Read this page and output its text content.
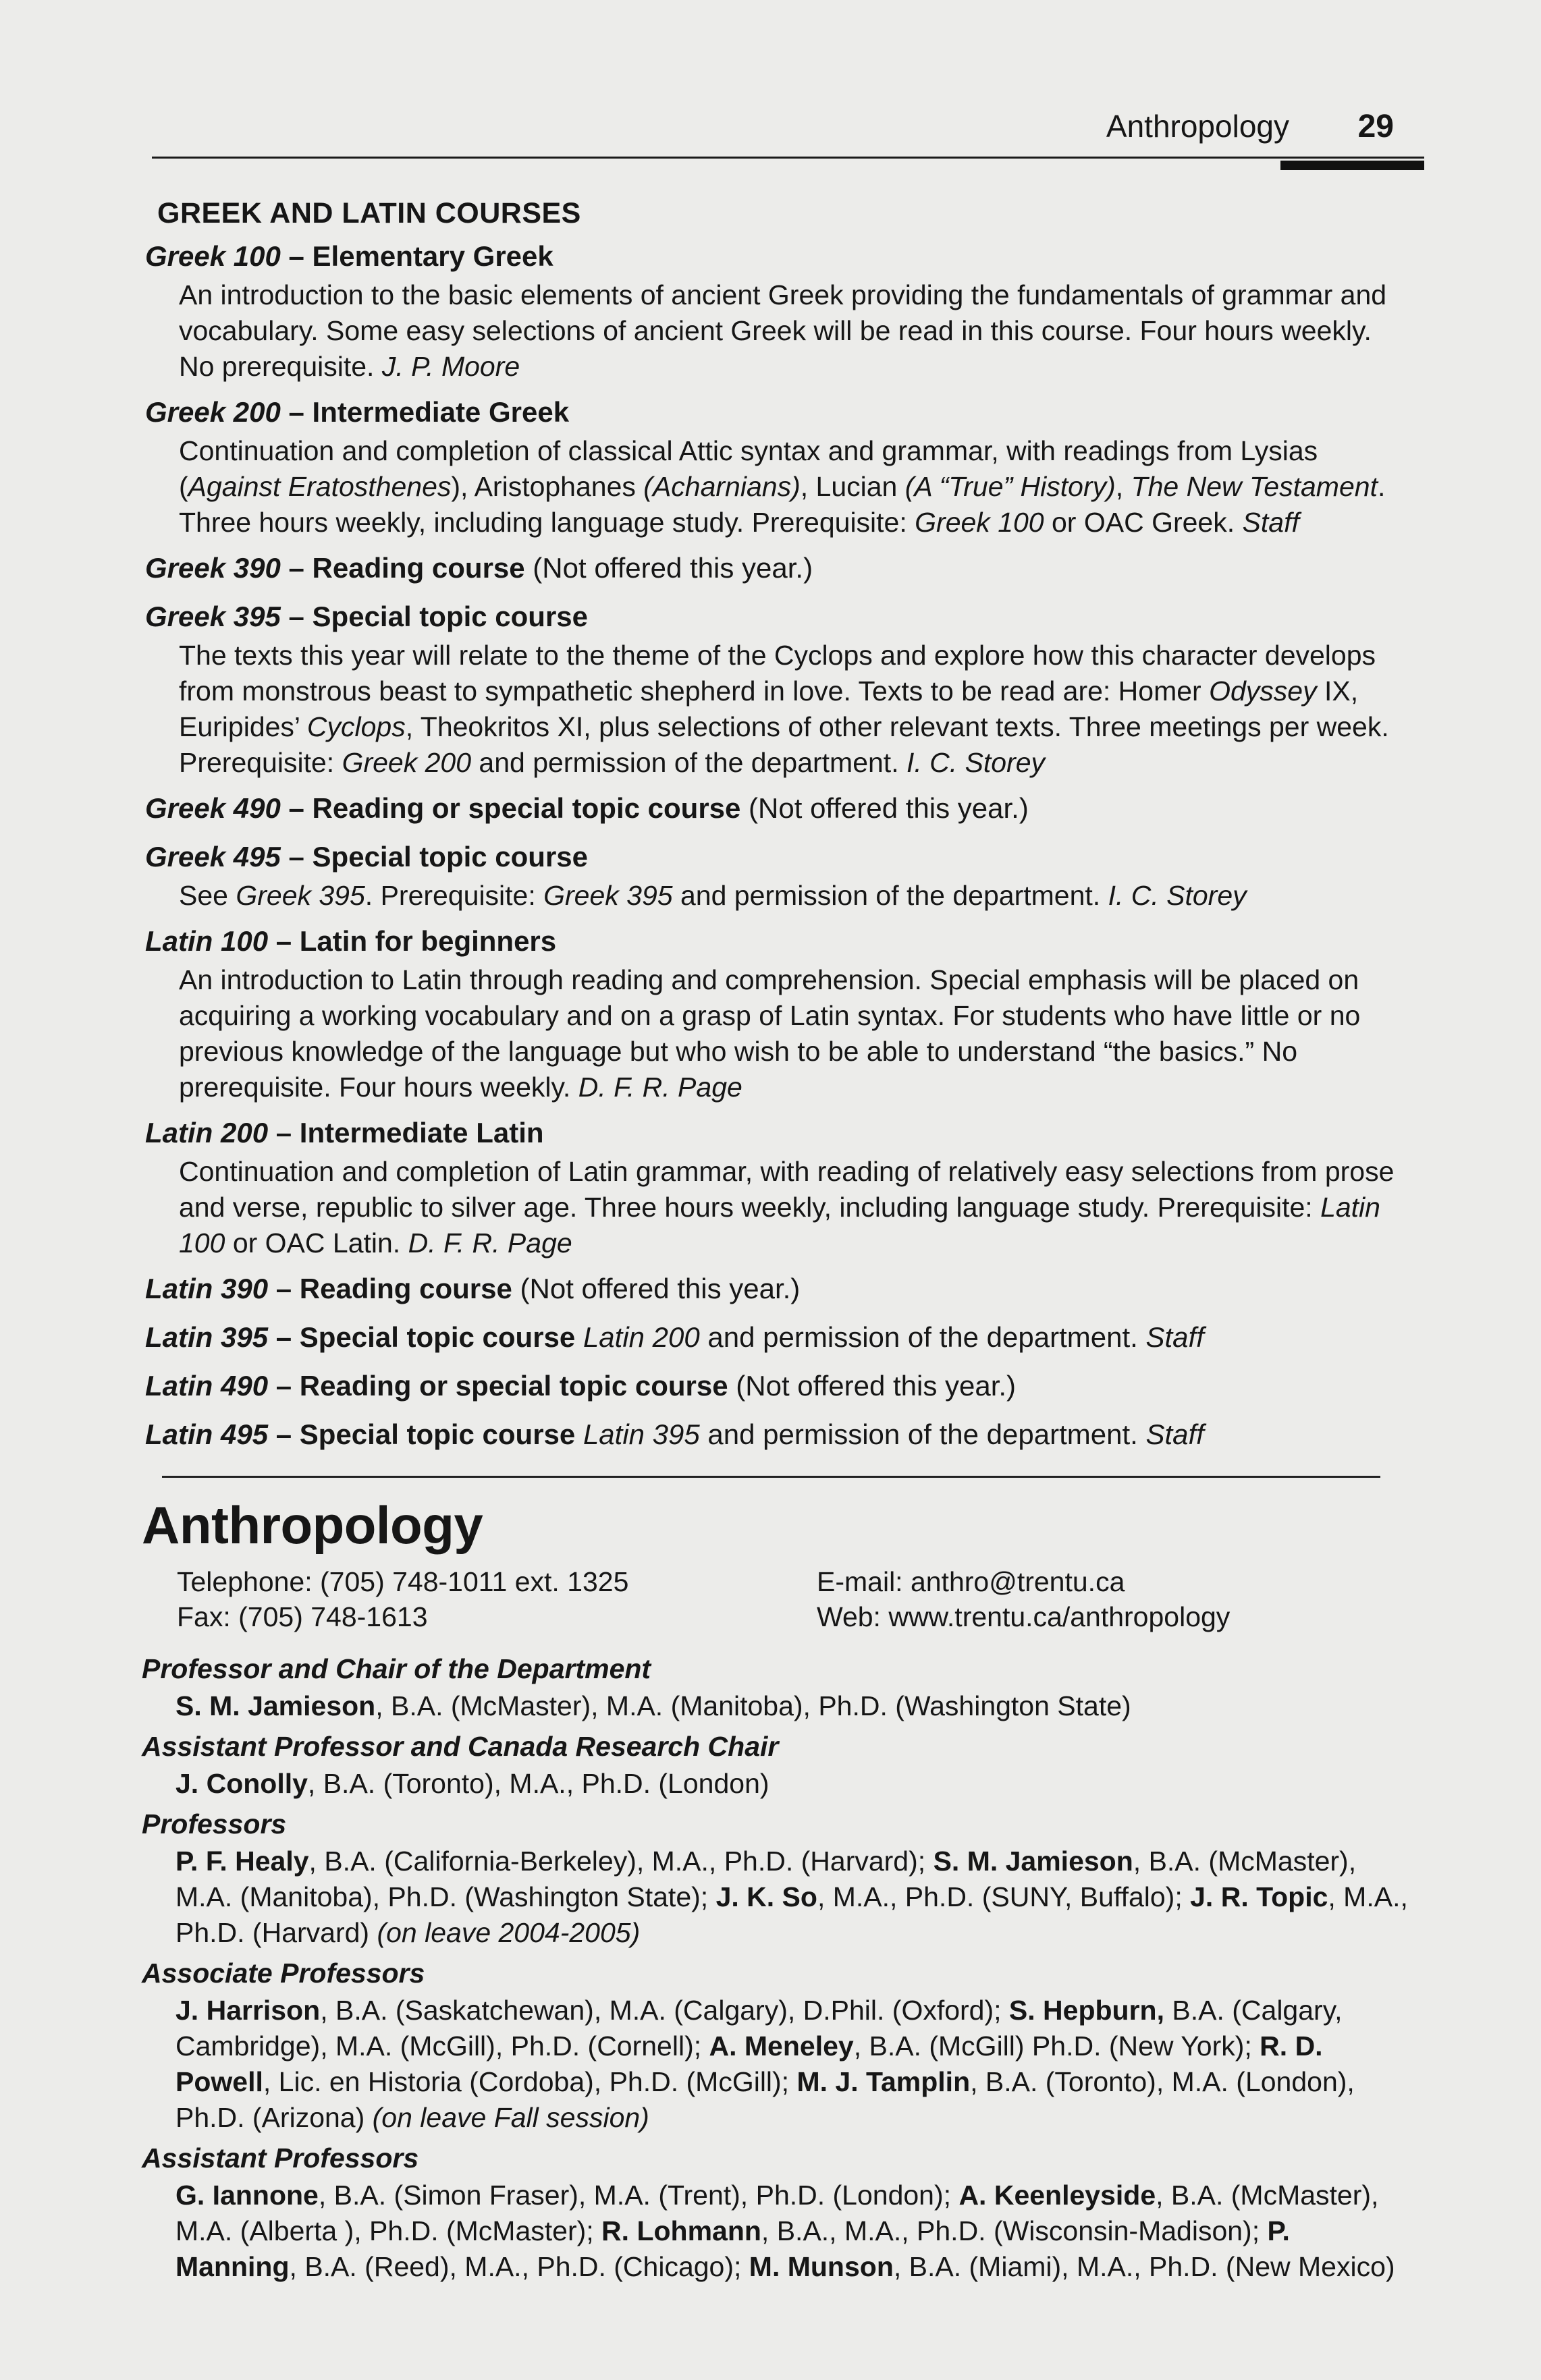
Anthropology 29
GREEK AND LATIN COURSES
Greek 100 – Elementary Greek
An introduction to the basic elements of ancient Greek providing the fundamentals of grammar and vocabulary. Some easy selections of ancient Greek will be read in this course. Four hours weekly. No prerequisite. J. P. Moore
Greek 200 – Intermediate Greek
Continuation and completion of classical Attic syntax and grammar, with readings from Lysias (Against Eratosthenes), Aristophanes (Acharnians), Lucian (A “True” History), The New Testament. Three hours weekly, including language study. Prerequisite: Greek 100 or OAC Greek. Staff
Greek 390 – Reading course (Not offered this year.)
Greek 395 – Special topic course
The texts this year will relate to the theme of the Cyclops and explore how this character develops from monstrous beast to sympathetic shepherd in love. Texts to be read are: Homer Odyssey IX, Euripides’ Cyclops, Theokritos XI, plus selections of other relevant texts. Three meetings per week. Prerequisite: Greek 200 and permission of the department. I. C. Storey
Greek 490 – Reading or special topic course (Not offered this year.)
Greek 495 – Special topic course
See Greek 395. Prerequisite: Greek 395 and permission of the department. I. C. Storey
Latin 100 – Latin for beginners
An introduction to Latin through reading and comprehension. Special emphasis will be placed on acquiring a working vocabulary and on a grasp of Latin syntax. For students who have little or no previous knowledge of the language but who wish to be able to understand “the basics.” No prerequisite. Four hours weekly. D. F. R. Page
Latin 200 – Intermediate Latin
Continuation and completion of Latin grammar, with reading of relatively easy selections from prose and verse, republic to silver age. Three hours weekly, including language study. Prerequisite: Latin 100 or OAC Latin. D. F. R. Page
Latin 390 – Reading course (Not offered this year.)
Latin 395 – Special topic course Latin 200 and permission of the department. Staff
Latin 490 – Reading or special topic course (Not offered this year.)
Latin 495 – Special topic course Latin 395 and permission of the department. Staff
Anthropology
Telephone: (705) 748-1011 ext. 1325
Fax: (705) 748-1613
E-mail: anthro@trentu.ca
Web: www.trentu.ca/anthropology
Professor and Chair of the Department
S. M. Jamieson, B.A. (McMaster), M.A. (Manitoba), Ph.D. (Washington State)
Assistant Professor and Canada Research Chair
J. Conolly, B.A. (Toronto), M.A., Ph.D. (London)
Professors
P. F. Healy, B.A. (California-Berkeley), M.A., Ph.D. (Harvard); S. M. Jamieson, B.A. (McMaster), M.A. (Manitoba), Ph.D. (Washington State); J. K. So, M.A., Ph.D. (SUNY, Buffalo); J. R. Topic, M.A., Ph.D. (Harvard) (on leave 2004-2005)
Associate Professors
J. Harrison, B.A. (Saskatchewan), M.A. (Calgary), D.Phil. (Oxford); S. Hepburn, B.A. (Calgary, Cambridge), M.A. (McGill), Ph.D. (Cornell); A. Meneley, B.A. (McGill) Ph.D. (New York); R. D. Powell, Lic. en Historia (Cordoba), Ph.D. (McGill); M. J. Tamplin, B.A. (Toronto), M.A. (London), Ph.D. (Arizona) (on leave Fall session)
Assistant Professors
G. Iannone, B.A. (Simon Fraser), M.A. (Trent), Ph.D. (London); A. Keenleyside, B.A. (McMaster), M.A. (Alberta ), Ph.D. (McMaster); R. Lohmann, B.A., M.A., Ph.D. (Wisconsin-Madison); P. Manning, B.A. (Reed), M.A., Ph.D. (Chicago); M. Munson, B.A. (Miami), M.A., Ph.D. (New Mexico)
